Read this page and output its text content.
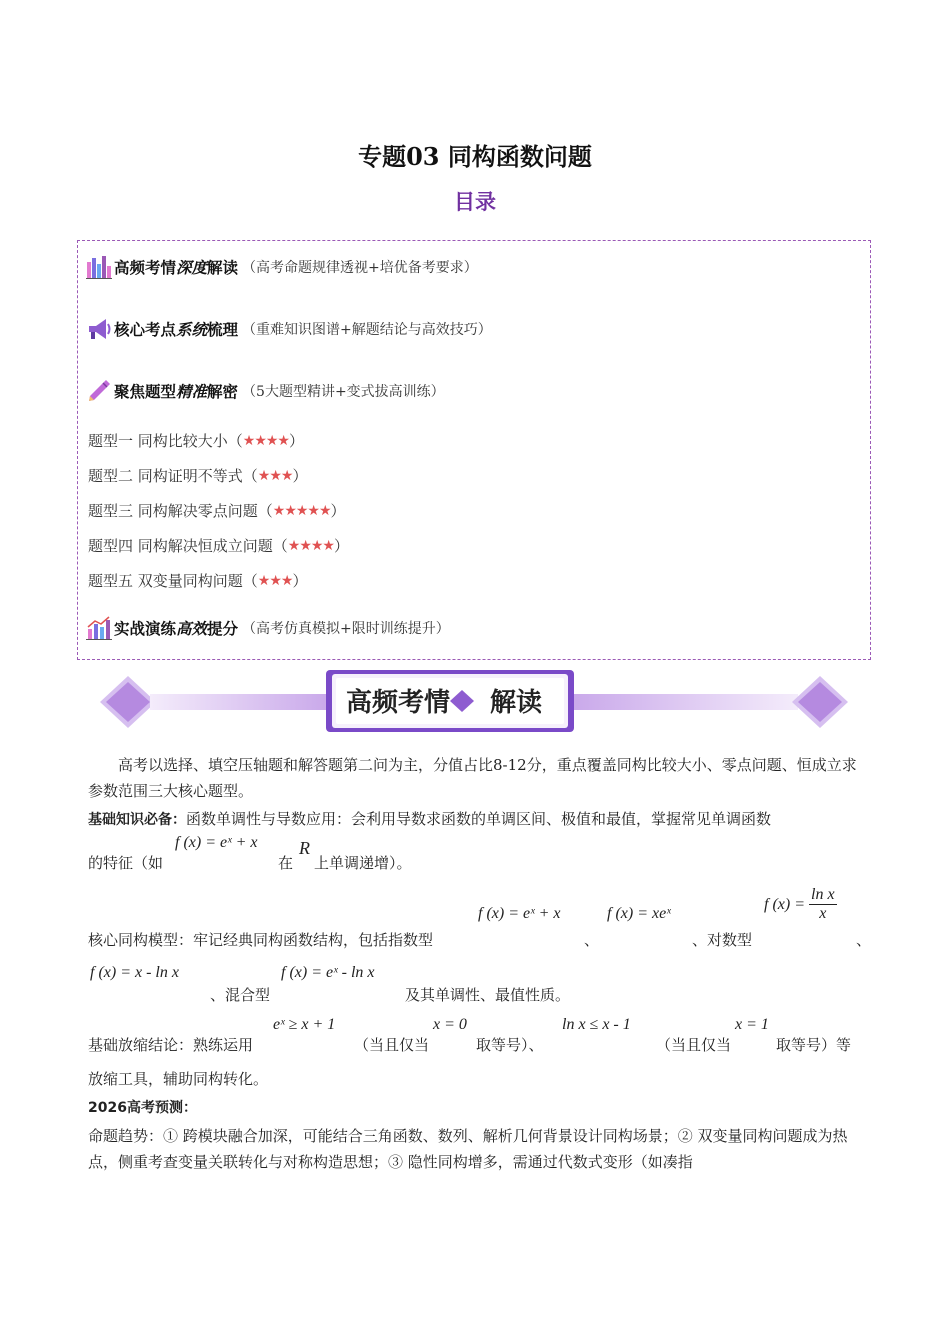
专题03 同构函数问题
目录
高频考情 深度 解读 （高考命题规律透视+培优备考要求）
核心考点 系统 梳理 （重难知识图谱+解题结论与高效技巧）
聚焦题型 精准 解密 （5大题型精讲+变式拔高训练）
题型一 同构比较大小（ ★★★★ ）
题型二 同构证明不等式（ ★★★ ）
题型三 同构解决零点问题（ ★★★★★ ）
题型四 同构解决恒成立问题（ ★★★★ ）
题型五 双变量同构问题（ ★★★ ）
实战演练 高效 提分 （高考仿真模拟+限时训练提升）
高频考情 解读
高考以选择、填空压轴题和解答题第二问为主，分值占比8-12分，重点覆盖同构比较大小、零点问题、恒成立求参数范围三大核心题型。
基础知识必备：函数单调性与导数应用：会利用导数求函数的单调区间、极值和最值，掌握常见单调函数
的特征（如
f (x) = eˣ + x
在
R
上单调递增）。
核心同构模型：牢记经典同构函数结构，包括指数型
f (x) = eˣ + x
、
f (x) = xeˣ
、对数型
f $(x) = \frac{\text{ln x}}{x}$
、
f (x) = x - ln x
、混合型
f (x) = eˣ - ln x
及其单调性、最值性质。
基础放缩结论：熟练运用
eˣ ≥ x + 1
（当且仅当
x = 0
取等号）、
ln x ≤ x - 1
（当且仅当
x = 1
取等号）等
放缩工具，辅助同构转化。
2026高考预测：
命题趋势：① 跨模块融合加深，可能结合三角函数、数列、解析几何背景设计同构场景；② 双变量同构问题成为热点，侧重考查变量关联转化与对称构造思想；③ 隐性同构增多，需通过代数式变形（如凑指
